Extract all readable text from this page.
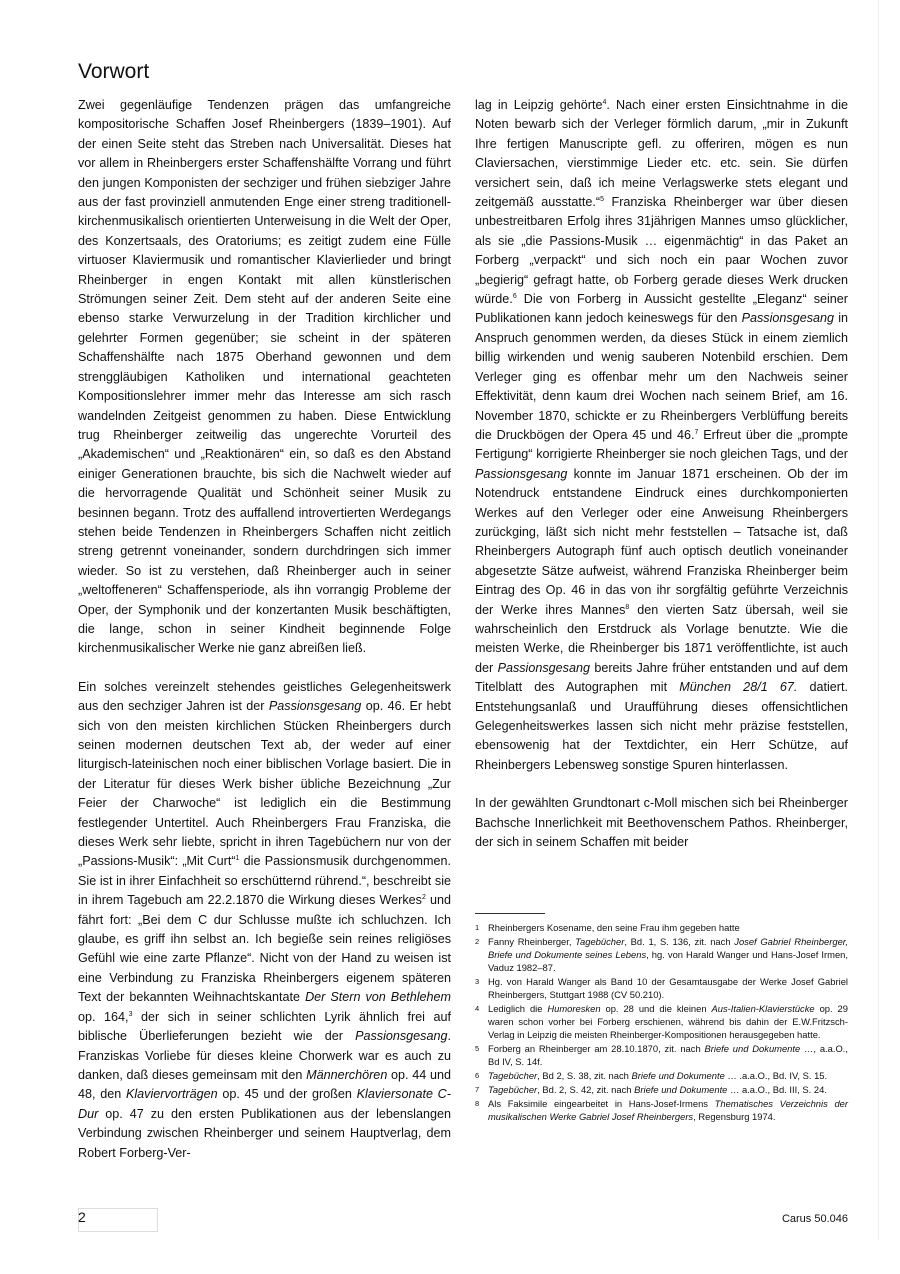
Vorwort

Zwei gegenläufige Tendenzen prägen das umfangreiche kompositorische Schaffen Josef Rheinbergers (1839–1901). Auf der einen Seite steht das Streben nach Universalität. Dieses hat vor allem in Rheinbergers erster Schaffenshälfte Vorrang und führt den jungen Komponisten der sechziger und frühen siebziger Jahre aus der fast provinziell anmutenden Enge einer streng traditionell-kirchenmusikalisch orientierten Unterweisung in die Welt der Oper, des Konzertsaals, des Oratoriums; es zeitigt zudem eine Fülle virtuoser Klaviermusik und romantischer Klavierlieder und bringt Rheinberger in engen Kontakt mit allen künstlerischen Strömungen seiner Zeit. Dem steht auf der anderen Seite eine ebenso starke Verwurzelung in der Tradition kirchlicher und gelehrter Formen gegenüber; sie scheint in der späteren Schaffenshälfte nach 1875 Oberhand gewonnen und dem strenggläubigen Katholiken und international geachteten Kompositionslehrer immer mehr das Interesse am sich rasch wandelnden Zeitgeist genommen zu haben. Diese Entwicklung trug Rheinberger zeitweilig das ungerechte Vorurteil des „Akademischen“ und „Reaktionären“ ein, so daß es den Abstand einiger Generationen brauchte, bis sich die Nachwelt wieder auf die hervorragende Qualität und Schönheit seiner Musik zu besinnen begann. Trotz des auffallend introvertierten Werdegangs stehen beide Tendenzen in Rheinbergers Schaffen nicht zeitlich streng getrennt voneinander, sondern durchdringen sich immer wieder. So ist zu verstehen, daß Rheinberger auch in seiner „weltoffeneren“ Schaffensperiode, als ihn vorrangig Probleme der Oper, der Symphonik und der konzertanten Musik beschäftigten, die lange, schon in seiner Kindheit beginnende Folge kirchenmusikalischer Werke nie ganz abreißen ließ.

Ein solches vereinzelt stehendes geistliches Gelegenheitswerk aus den sechziger Jahren ist der Passionsgesang op. 46. Er hebt sich von den meisten kirchlichen Stücken Rheinbergers durch seinen modernen deutschen Text ab, der weder auf einer liturgisch-lateinischen noch einer biblischen Vorlage basiert. Die in der Literatur für dieses Werk bisher übliche Bezeichnung „Zur Feier der Charwoche“ ist lediglich ein die Bestimmung festlegender Untertitel. Auch Rheinbergers Frau Franziska, die dieses Werk sehr liebte, spricht in ihren Tagebüchern nur von der „Passions-Musik“: „Mit Curt“$^1$ die Passionsmusik durchgenommen. Sie ist in ihrer Einfachheit so erschütternd rührend.“, beschreibt sie in ihrem Tagebuch am 22.2.1870 die Wirkung dieses Werkes$^2$ und fährt fort: „Bei dem C dur Schlusse mußte ich schluchzen. Ich glaube, es griff ihn selbst an. Ich begieße sein reines religiöses Gefühl wie eine zarte Pflanze“. Nicht von der Hand zu weisen ist eine Verbindung zu Franziska Rheinbergers eigenem späteren Text der bekannten Weihnachtskantate Der Stern von Bethlehem op. 164,$^3$ der sich in seiner schlichten Lyrik ähnlich frei auf biblische Überlieferungen bezieht wie der Passionsgesang. Franziskas Vorliebe für dieses kleine Chorwerk war es auch zu danken, daß dieses gemeinsam mit den Männerchören op. 44 und 48, den Klaviervorträgen op. 45 und der großen Klaviersonate C-Dur op. 47 zu den ersten Publikationen aus der lebenslangen Verbindung zwischen Rheinberger und seinem Hauptverlag, dem Robert Forberg-Ver-

lag in Leipzig gehörte$^4$. Nach einer ersten Einsichtnahme in die Noten bewarb sich der Verleger förmlich darum, „mir in Zukunft Ihre fertigen Manuscripte gefl. zu offeriren, mögen es nun Claviersachen, vierstimmige Lieder etc. etc. sein. Sie dürfen versichert sein, daß ich meine Verlagswerke stets elegant und zeitgemäß ausstatte.“$^5$ Franziska Rheinberger war über diesen unbestreitbaren Erfolg ihres 31jährigen Mannes umso glücklicher, als sie „die Passions-Musik … eigenmächtig“ in das Paket an Forberg „verpackt“ und sich noch ein paar Wochen zuvor „begierig“ gefragt hatte, ob Forberg gerade dieses Werk drucken würde.$^6$ Die von Forberg in Aussicht gestellte „Eleganz“ seiner Publikationen kann jedoch keineswegs für den Passionsgesang in Anspruch genommen werden, da dieses Stück in einem ziemlich billig wirkenden und wenig sauberen Notenbild erschien. Dem Verleger ging es offenbar mehr um den Nachweis seiner Effektivität, denn kaum drei Wochen nach seinem Brief, am 16. November 1870, schickte er zu Rheinbergers Verblüffung bereits die Druckbögen der Opera 45 und 46.$^7$ Erfreut über die „prompte Fertigung“ korrigierte Rheinberger sie noch gleichen Tags, und der Passionsgesang konnte im Januar 1871 erscheinen. Ob der im Notendruck entstandene Eindruck eines durchkomponierten Werkes auf den Verleger oder eine Anweisung Rheinbergers zurückging, läßt sich nicht mehr feststellen – Tatsache ist, daß Rheinbergers Autograph fünf auch optisch deutlich voneinander abgesetzte Sätze aufweist, während Franziska Rheinberger beim Eintrag des Op. 46 in das von ihr sorgfältig geführte Verzeichnis der Werke ihres Mannes$^8$ den vierten Satz übersah, weil sie wahrscheinlich den Erstdruck als Vorlage benutzte. Wie die meisten Werke, die Rheinberger bis 1871 veröffentlichte, ist auch der Passionsgesang bereits Jahre früher entstanden und auf dem Titelblatt des Autographen mit München 28/1 67. datiert. Entstehungsanlaß und Uraufführung dieses offensichtlichen Gelegenheitswerkes lassen sich nicht mehr präzise feststellen, ebensowenig hat der Textdichter, ein Herr Schütze, auf Rheinbergers Lebensweg sonstige Spuren hinterlassen.

In der gewählten Grundtonart c-Moll mischen sich bei Rheinberger Bachsche Innerlichkeit mit Beethovenschem Pathos. Rheinberger, der sich in seinem Schaffen mit beider

1 Rheinbergers Kosename, den seine Frau ihm gegeben hatte
2 Fanny Rheinberger, Tagebücher, Bd. 1, S. 136, zit. nach Josef Gabriel Rheinberger, Briefe und Dokumente seines Lebens, hg. von Harald Wanger und Hans-Josef Irmen, Vaduz 1982–87.
3 Hg. von Harald Wanger als Band 10 der Gesamtausgabe der Werke Josef Gabriel Rheinbergers, Stuttgart 1988 (CV 50.210).
4 Lediglich die Humoresken op. 28 und die kleinen Aus-Italien-Klavierstücke op. 29 waren schon vorher bei Forberg erschienen, während bis dahin der E.W.Fritzsch-Verlag in Leipzig die meisten Rheinberger-Kompositionen herausgegeben hatte.
5 Forberg an Rheinberger am 28.10.1870, zit. nach Briefe und Dokumente …, a.a.O., Bd IV, S. 14f.
6 Tagebücher, Bd 2, S. 38, zit. nach Briefe und Dokumente … .a.a.O., Bd. IV, S. 15.
7 Tagebücher, Bd. 2, S. 42, zit. nach Briefe und Dokumente … a.a.O., Bd. III, S. 24.
8 Als Faksimile eingearbeitet in Hans-Josef-Irmens Thematisches Verzeichnis der musikalischen Werke Gabriel Josef Rheinbergers, Regensburg 1974.
2	Carus 50.046
